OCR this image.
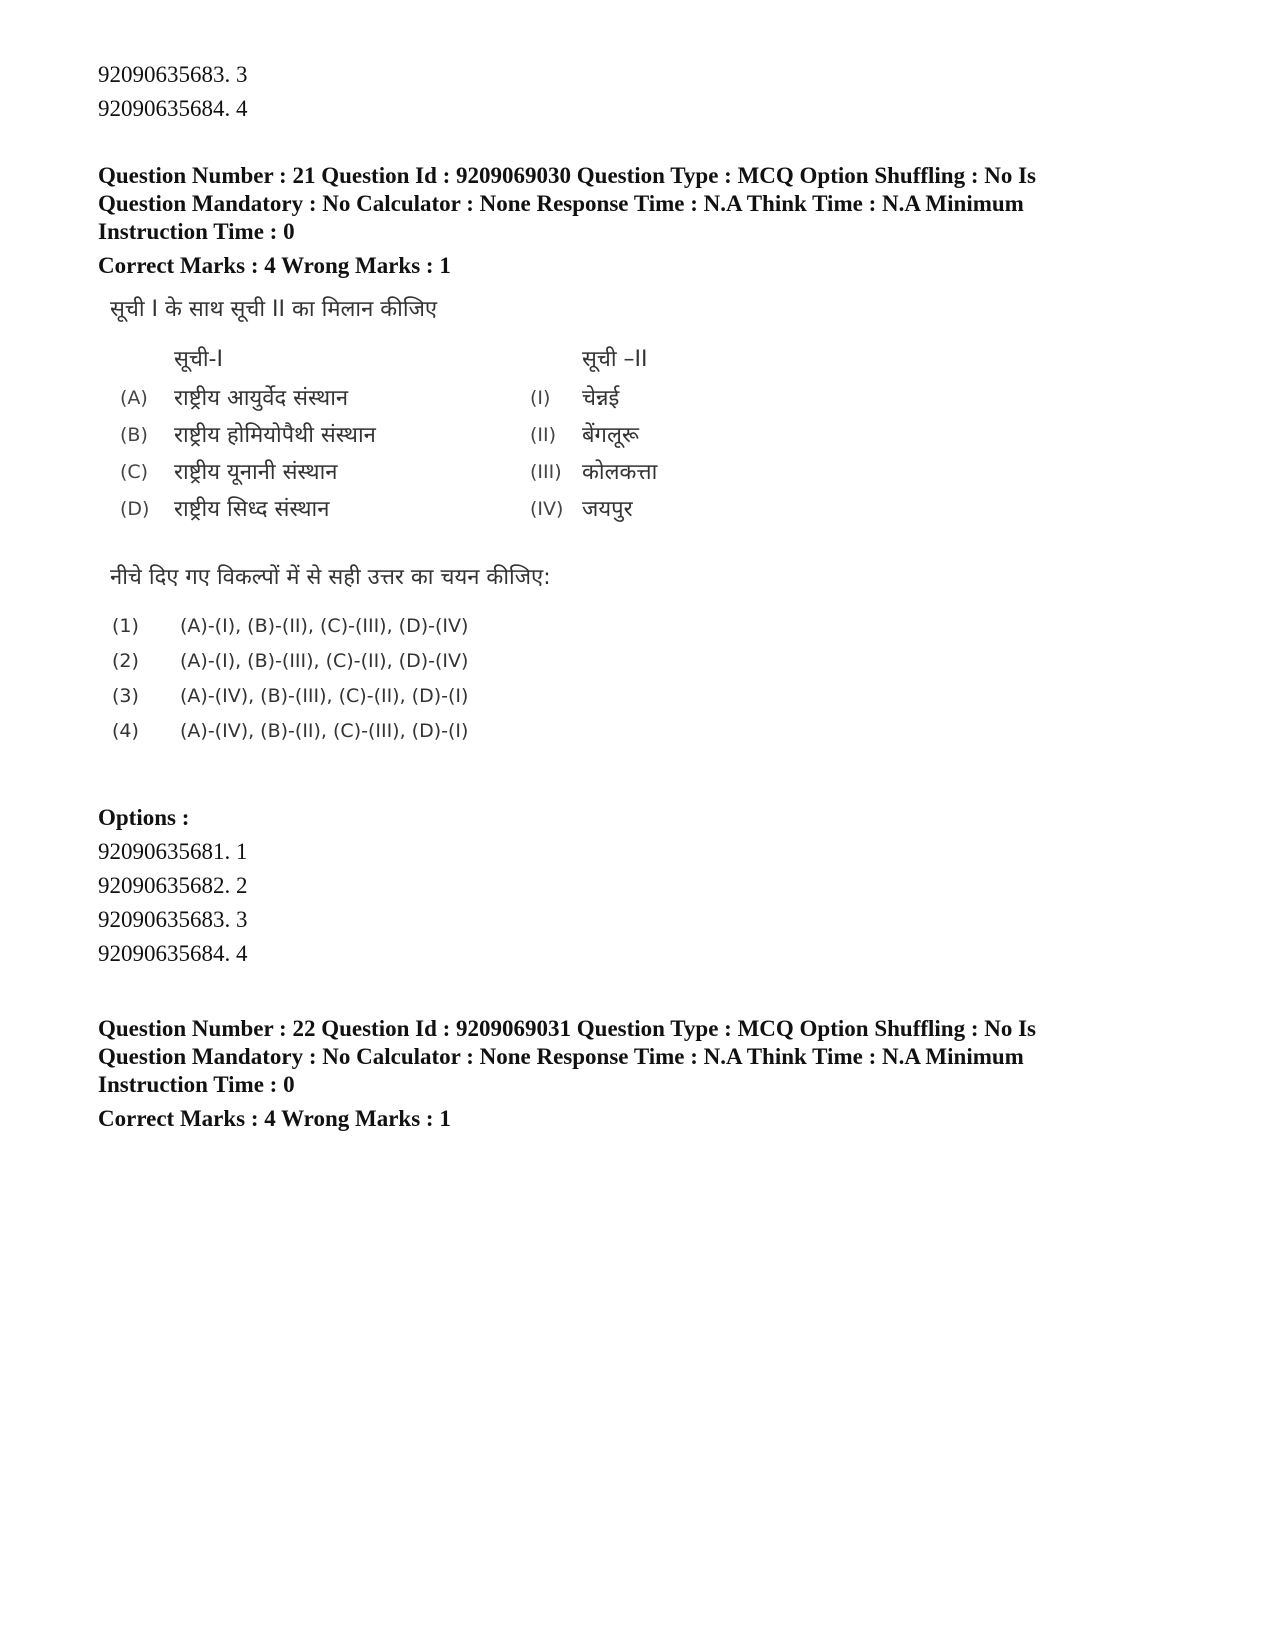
92090635683. 3
92090635684. 4
Question Number : 21 Question Id : 9209069030 Question Type : MCQ Option Shuffling : No Is Question Mandatory : No Calculator : None Response Time : N.A Think Time : N.A Minimum Instruction Time : 0
Correct Marks : 4 Wrong Marks : 1
सूची I के साथ सूची II का मिलान कीजिए
सूची-I	सूची –II
(A) राष्ट्रीय आयुर्वेद संस्थान
(B) राष्ट्रीय होमियोपैथी संस्थान
(C) राष्ट्रीय यूनानी संस्थान
(D) राष्ट्रीय सिध्द संस्थान
(I) चेन्नई
(II) बेंगलूरू
(III) कोलकत्ता
(IV) जयपुर
नीचे दिए गए विकल्पों में से सही उत्तर का चयन कीजिए:
(1) (A)-(I), (B)-(II), (C)-(III), (D)-(IV)
(2) (A)-(I), (B)-(III), (C)-(II), (D)-(IV)
(3) (A)-(IV), (B)-(III), (C)-(II), (D)-(I)
(4) (A)-(IV), (B)-(II), (C)-(III), (D)-(I)
Options :
92090635681. 1
92090635682. 2
92090635683. 3
92090635684. 4
Question Number : 22 Question Id : 9209069031 Question Type : MCQ Option Shuffling : No Is Question Mandatory : No Calculator : None Response Time : N.A Think Time : N.A Minimum Instruction Time : 0
Correct Marks : 4 Wrong Marks : 1
